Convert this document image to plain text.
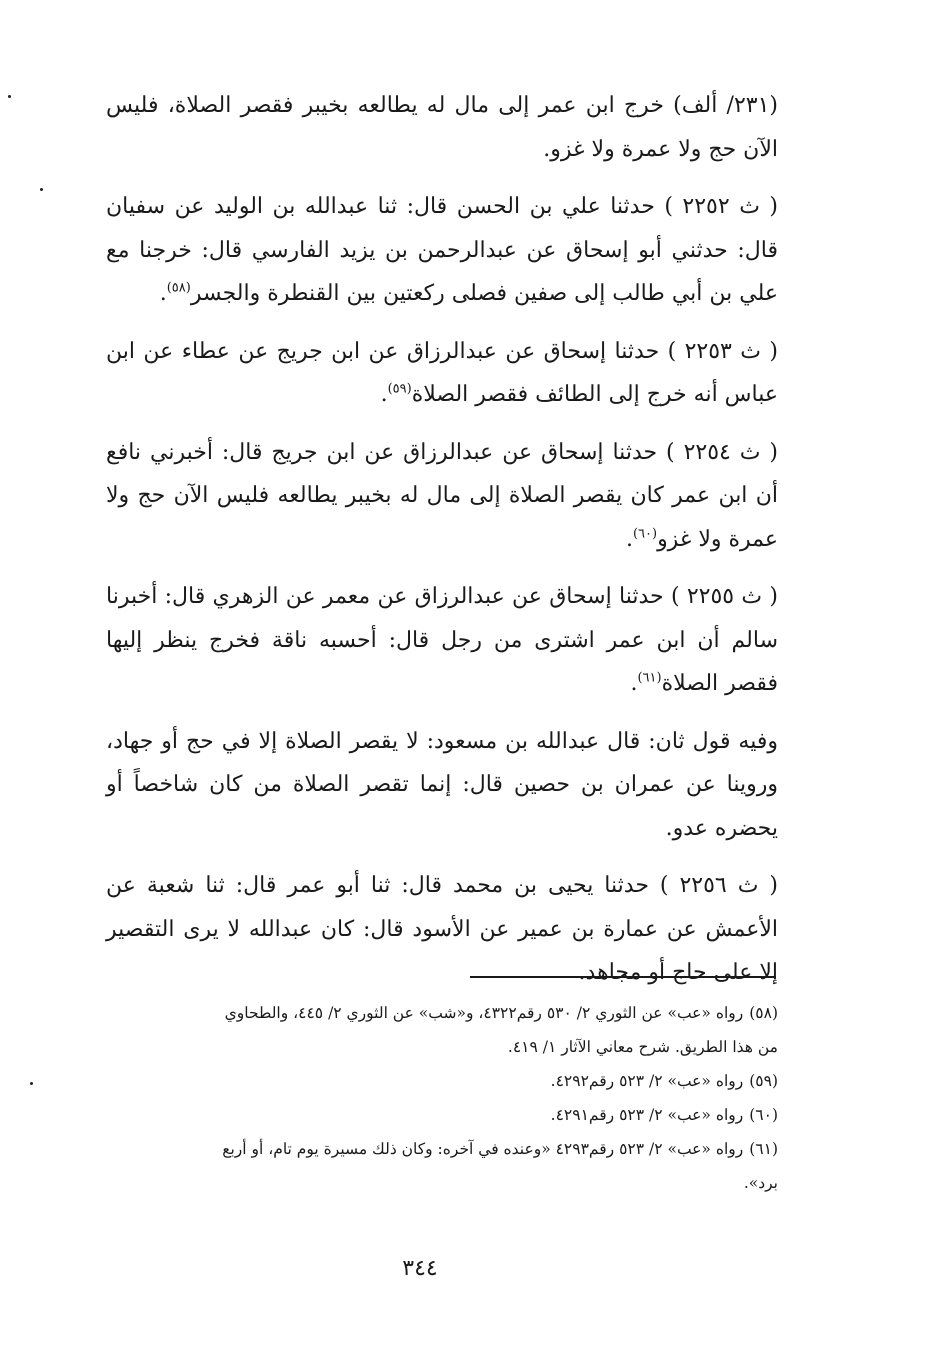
(٢٣١/ ألف) خرج ابن عمر إلى مال له يطالعه بخيبر فقصر الصلاة، فليس الآن حج ولا عمرة ولا غزو.

( ث ٢٢٥٢ ) حدثنا علي بن الحسن قال: ثنا عبدالله بن الوليد عن سفيان قال: حدثني أبو إسحاق عن عبدالرحمن بن يزيد الفارسي قال: خرجنا مع علي بن أبي طالب إلى صفين فصلى ركعتين بين القنطرة والجسر$^{(٥٨)}$.

( ث ٢٢٥٣ ) حدثنا إسحاق عن عبدالرزاق عن ابن جريج عن عطاء عن ابن عباس أنه خرج إلى الطائف فقصر الصلاة$^{(٥٩)}$.

( ث ٢٢٥٤ ) حدثنا إسحاق عن عبدالرزاق عن ابن جريج قال: أخبرني نافع أن ابن عمر كان يقصر الصلاة إلى مال له بخيبر يطالعه فليس الآن حج ولا عمرة ولا غزو$^{(٦٠)}$.

( ث ٢٢٥٥ ) حدثنا إسحاق عن عبدالرزاق عن معمر عن الزهري قال: أخبرنا سالم أن ابن عمر اشترى من رجل قال: أحسبه ناقة فخرج ينظر إليها فقصر الصلاة$^{(٦١)}$.

وفيه قول ثان: قال عبدالله بن مسعود: لا يقصر الصلاة إلا في حج أو جهاد، وروينا عن عمران بن حصين قال: إنما تقصر الصلاة من كان شاخصاً أو يحضره عدو.

( ث ٢٢٥٦ ) حدثنا يحيى بن محمد قال: ثنا أبو عمر قال: ثنا شعبة عن الأعمش عن عمارة بن عمير عن الأسود قال: كان عبدالله لا يرى التقصير إلا على حاج أو مجاهد.

(٥٨)رواه «عب» عن الثوري ٢/ ٥٣٠ رقم٤٣٢٢، و«شب» عن الثوري ٢/ ٤٤٥، والطحاوي

من هذا الطريق. شرح معاني الآثار ١/ ٤١٩.

(٥٩)رواه «عب» ٢/ ٥٢٣ رقم٤٢٩٢.

(٦٠)رواه «عب» ٢/ ٥٢٣ رقم٤٢٩١.

(٦١)رواه «عب» ٢/ ٥٢٣ رقم٤٢٩٣ «وعنده في آخره: وكان ذلك مسيرة يوم تام، أو أربع

برد».

٣٤٤
